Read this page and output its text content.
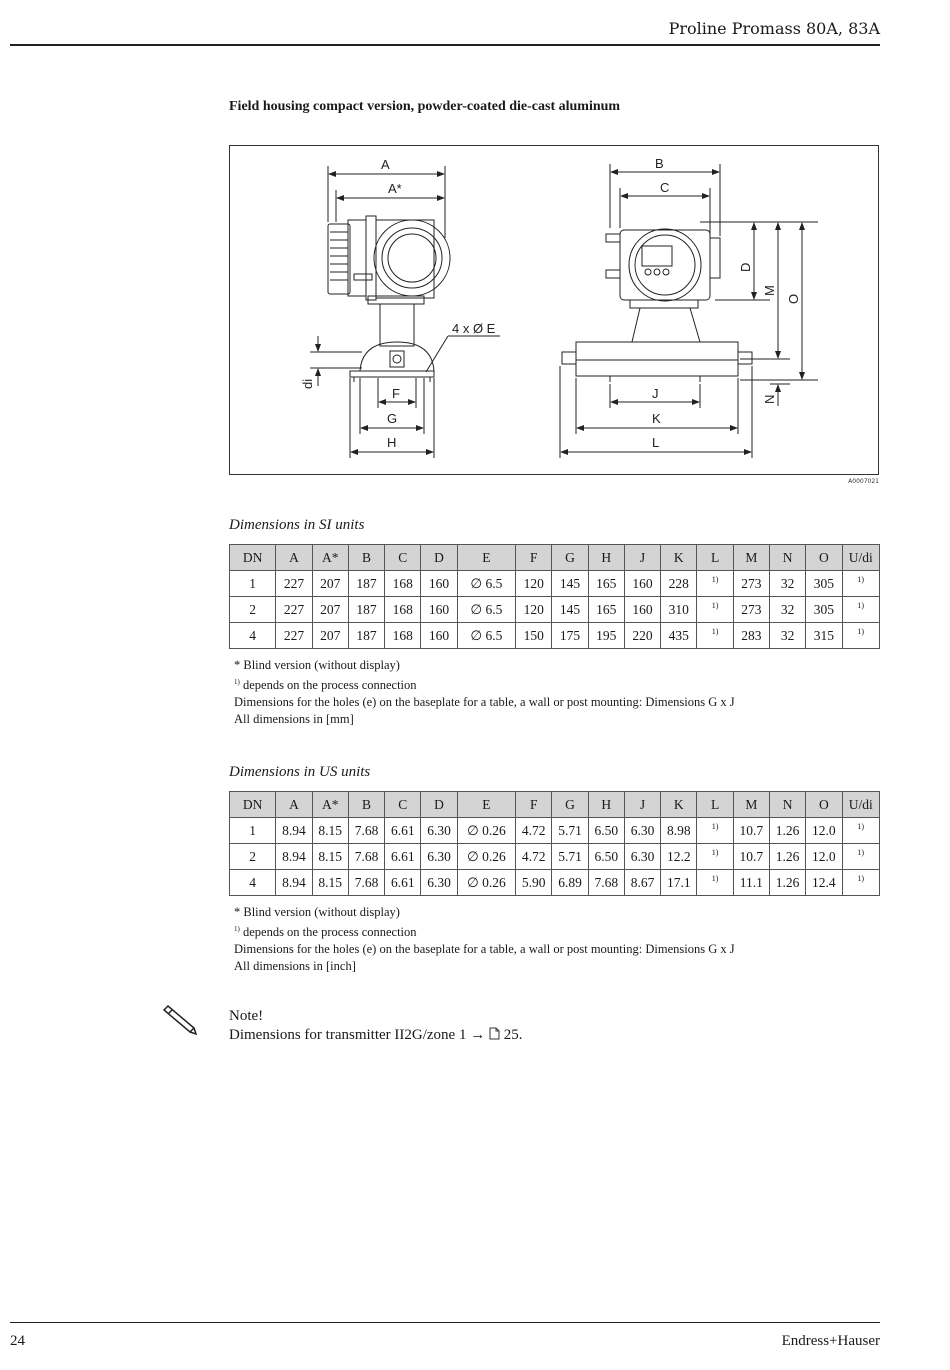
Proline Promass 80A, 83A
Field housing compact version, powder-coated die-cast aluminum
A
A*
4 x Ø E
di
F
G
H
B
C
D
M
O
N
J
K
L
A0007021
Dimensions in SI units
DN	A	A*	B	C	D	E	F	G	H	J	K	L	M	N	O	U/di
1	227	207	187	168	160	∅ 6.5	120	145	165	160	228	$^{1)}$	273	32	305	$^{1)}$
2	227	207	187	168	160	∅ 6.5	120	145	165	160	310	$^{1)}$	273	32	305	$^{1)}$
4	227	207	187	168	160	∅ 6.5	150	175	195	220	435	$^{1)}$	283	32	315	$^{1)}$
* Blind version (without display)
$^{1)}$ depends on the process connection
Dimensions for the holes (e) on the baseplate for a table, a wall or post mounting: Dimensions G x J
All dimensions in [mm]
Dimensions in US units
DN	A	A*	B	C	D	E	F	G	H	J	K	L	M	N	O	U/di
1	8.94	8.15	7.68	6.61	6.30	∅ 0.26	4.72	5.71	6.50	6.30	8.98	$^{1)}$	10.7	1.26	12.0	$^{1)}$
2	8.94	8.15	7.68	6.61	6.30	∅ 0.26	4.72	5.71	6.50	6.30	12.2	$^{1)}$	10.7	1.26	12.0	$^{1)}$
4	8.94	8.15	7.68	6.61	6.30	∅ 0.26	5.90	6.89	7.68	8.67	17.1	$^{1)}$	11.1	1.26	12.4	$^{1)}$
* Blind version (without display)
$^{1)}$ depends on the process connection
Dimensions for the holes (e) on the baseplate for a table, a wall or post mounting: Dimensions G x J
All dimensions in [inch]
Note!
Dimensions for transmitter II2G/zone 1 → 25.
24	Endress+Hauser
